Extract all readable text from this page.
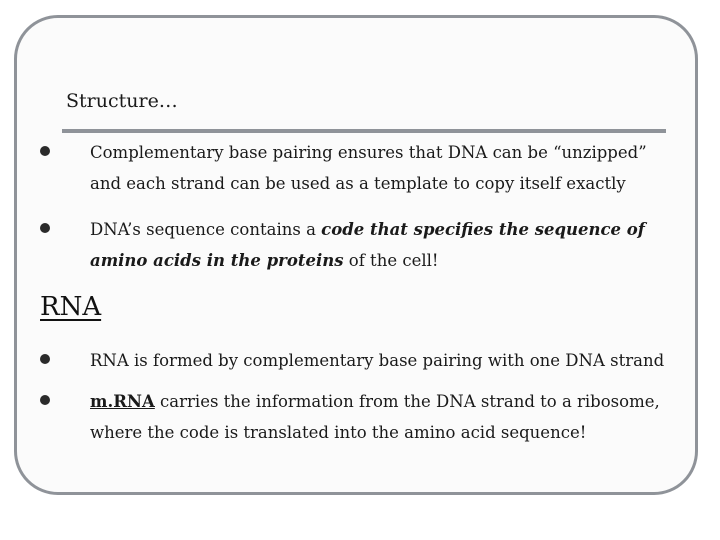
Structure…
Complementary base pairing ensures that DNA can be “unzipped” and each strand can be used as a template to copy itself exactly
DNA’s sequence contains a code that specifies the sequence of amino acids in the proteins of the cell!
RNA
RNA is formed by complementary base pairing with one DNA strand
m.RNA carries the information from the DNA strand to a ribosome, where the code is translated into the amino acid sequence!
